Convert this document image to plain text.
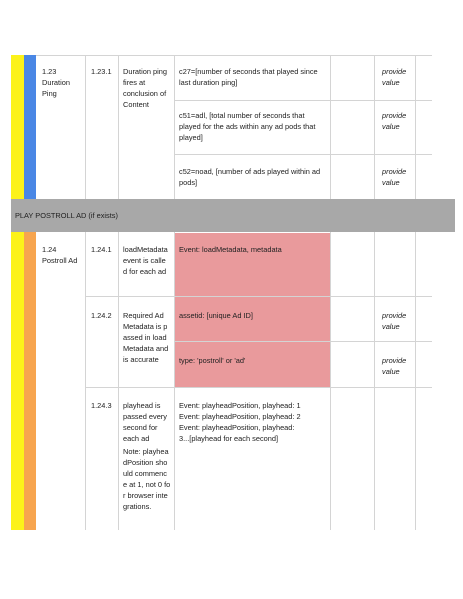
1.23
Duration Ping
1.23.1 Duration ping fires at conclusion of Content
c27=[number of seconds that played since last duration ping]
provide value
c51=adl, [total number of seconds that played for the ads within any ad pods that played]
provide value
c52=noad, [number of ads played within ad pods]
provide value
PLAY POSTROLL AD (if exists)
1.24
Postroll Ad
1.24.1 loadMetadata event is called for each ad
Event: loadMetadata, metadata
1.24.2 Required Ad Metadata is passed in loadMetadata and is accurate
assetid: [unique Ad ID]	provide value
type: 'postroll' or 'ad'	provide value
1.24.3 playhead is passed every second for each ad
Note: playheadPosition should commence at 1, not 0 for browser integrations.
Event: playheadPosition, playhead: 1
Event: playheadPosition, playhead: 2
Event: playheadPosition, playhead:
3...[playhead for each second]
